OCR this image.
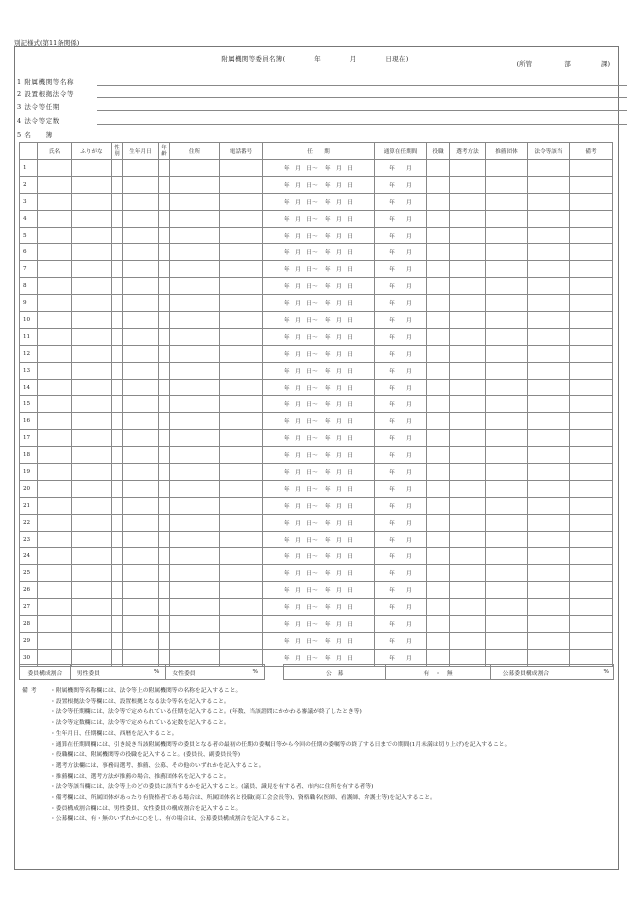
別記様式(第11条関係)
附属機関等委員名簿(	年	月	日現在)
(所管	部	課)
1 附属機関等名称
2 設置根拠法令等
3 法令等任期
4 法令等定数
5 名　　簿
	氏名	ふりがな	性別	生年月日	年齢	住所	電話番号	任　　期	通算在任期間	役職	選考方法	推薦団体	法令等該当	備考
1								年　月　日～　 年　月　日	年　　月					
2								年　月　日～　 年　月　日	年　　月					
3								年　月　日～　 年　月　日	年　　月					
4								年　月　日～　 年　月　日	年　　月					
5								年　月　日～　 年　月　日	年　　月					
6								年　月　日～　 年　月　日	年　　月					
7								年　月　日～　 年　月　日	年　　月					
8								年　月　日～　 年　月　日	年　　月					
9								年　月　日～　 年　月　日	年　　月					
10								年　月　日～　 年　月　日	年　　月					
11								年　月　日～　 年　月　日	年　　月					
12								年　月　日～　 年　月　日	年　　月					
13								年　月　日～　 年　月　日	年　　月					
14								年　月　日～　 年　月　日	年　　月					
15								年　月　日～　 年　月　日	年　　月					
16								年　月　日～　 年　月　日	年　　月					
17								年　月　日～　 年　月　日	年　　月					
18								年　月　日～　 年　月　日	年　　月					
19								年　月　日～　 年　月　日	年　　月					
20								年　月　日～　 年　月　日	年　　月					
21								年　月　日～　 年　月　日	年　　月					
22								年　月　日～　 年　月　日	年　　月					
23								年　月　日～　 年　月　日	年　　月					
24								年　月　日～　 年　月　日	年　　月					
25								年　月　日～　 年　月　日	年　　月					
26								年　月　日～　 年　月　日	年　　月					
27								年　月　日～　 年　月　日	年　　月					
28								年　月　日～　 年　月　日	年　　月					
29								年　月　日～　 年　月　日	年　　月					
30								年　月　日～　 年　月　日	年　　月					
委員構成割合	男性委員	% 女性委員	%	公　募	有　・　無	公募委員構成割合	%
備考 ・附属機関等名称欄には、法令等上の附属機関等の名称を記入すること。
・設置根拠法令等欄には、設置根拠となる法令等名を記入すること。
・法令等任期欄には、法令等で定められている任期を記入すること。(年数、当該諮問にかかわる審議が終了したとき等)
・法令等定数欄には、法令等で定められている定数を記入すること。
・生年月日、任期欄には、西暦を記入すること。
・通算在任期間欄には、引き続き当該附属機関等の委員となる者の最初の任期の委嘱日等から今回の任期の委嘱等の終了する日までの期間(1月未満は切り上げ)を記入すること。
・役職欄には、附属機関等の役職を記入すること。(委員長、副委員長等)
・選考方法欄には、事務局選考、推薦、公募、その他のいずれかを記入すること。
・推薦欄には、選考方法が推薦の場合、推薦団体名を記入すること。
・法令等該当欄には、法令等上のどの委員に該当するかを記入すること。(議員、識見を有する者、市内に住所を有する者等)
・備考欄には、所属団体があったり有資格者である場合は、所属団体名と役職(商工会会長等)、資格職名(医師、看護師、弁護士等)を記入すること。
・委員構成割合欄には、男性委員、女性委員の構成割合を記入すること。
・公募欄には、有・無のいずれかに○をし、有の場合は、公募委員構成割合を記入すること。
